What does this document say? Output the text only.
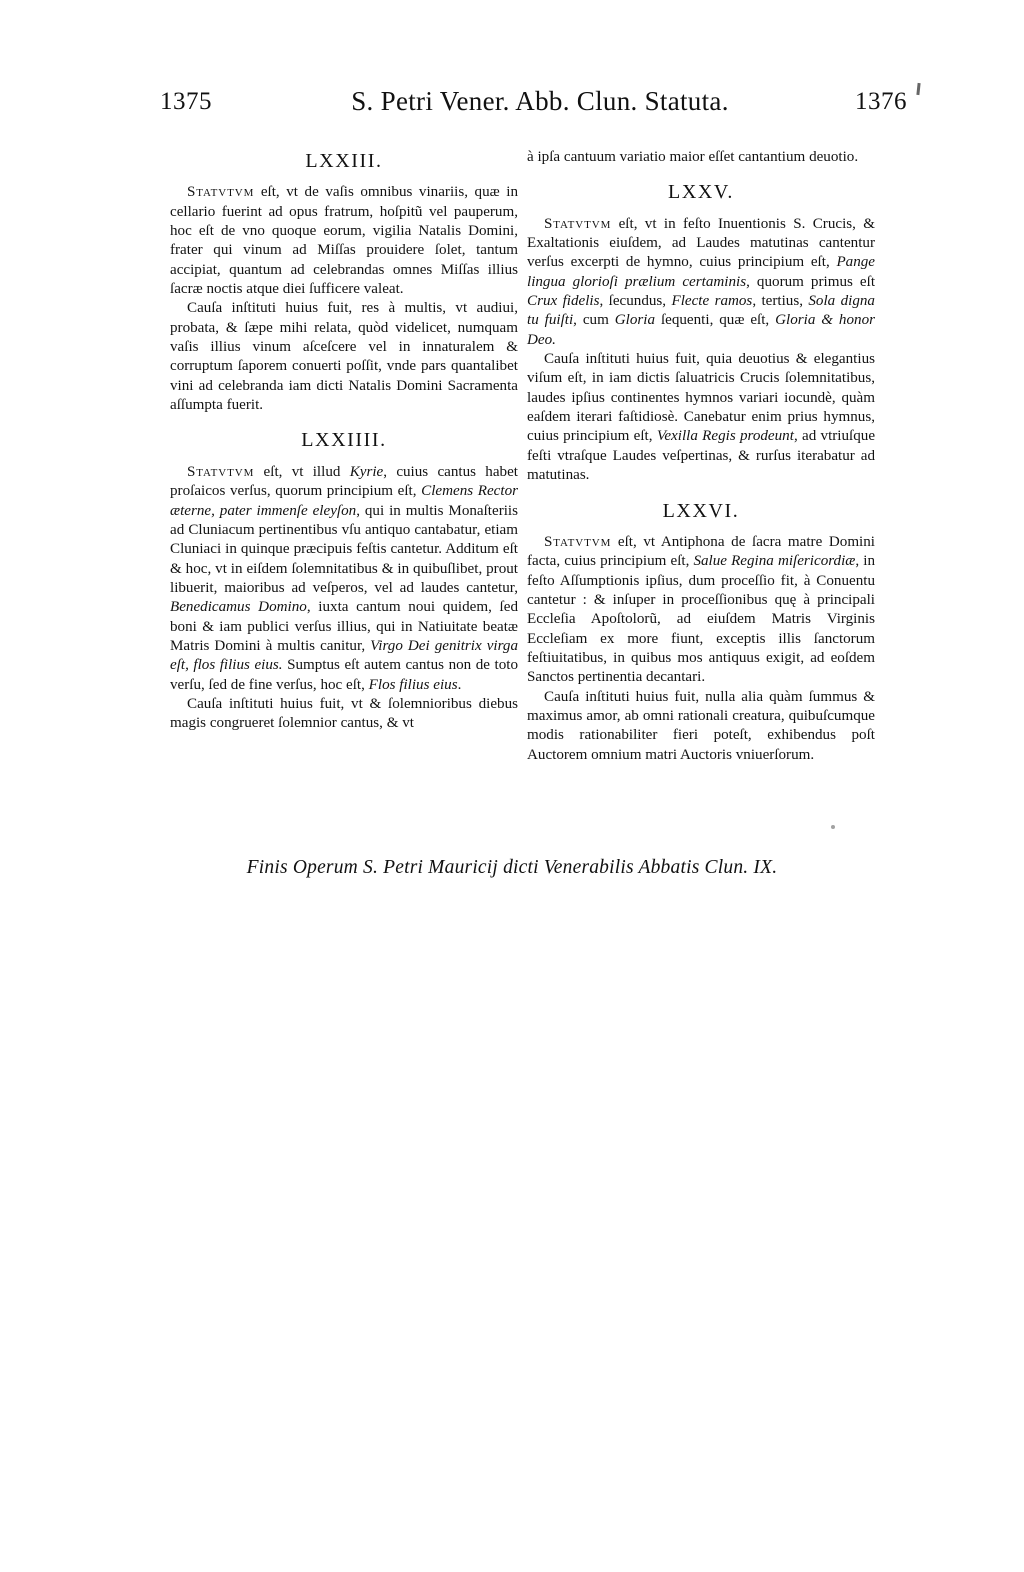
1375	S. Petri Vener. Abb. Clun. Statuta.	1376
LXXIII.

Statvtvm eſt, vt de vaſis omnibus vinariis, quæ in cellario fuerint ad opus fratrum, hoſpitũ vel pauperum, hoc eſt de vno quoque eorum, vigilia Natalis Domini, frater qui vinum ad Miſſas prouidere ſolet, tantum accipiat, quantum ad celebrandas omnes Miſſas illius ſacræ noctis atque diei ſufficere valeat.

Cauſa inſtituti huius fuit, res à multis, vt audiui, probata, & ſæpe mihi relata, quòd videlicet, numquam vaſis illius vinum aſceſcere vel in innaturalem & corruptum ſaporem conuerti poſſit, vnde pars quantalibet vini ad celebranda iam dicti Natalis Domini Sacramenta aſſumpta fuerit.

LXXIIII.

Statvtvm eſt, vt illud Kyrie, cuius cantus habet proſaicos verſus, quorum principium eſt, Clemens Rector æterne, pater immenſe eleyſon, qui in multis Monaſteriis ad Cluniacum pertinentibus vſu antiquo cantabatur, etiam Cluniaci in quinque præcipuis feſtis cantetur. Additum eſt & hoc, vt in eiſdem ſolemnitatibus & in quibuſlibet, prout libuerit, maioribus ad veſperos, vel ad laudes cantetur, Benedicamus Domino, iuxta cantum noui quidem, ſed boni & iam publici verſus illius, qui in Natiuitate beatæ Matris Domini à multis canitur, Virgo Dei genitrix virga eſt, flos filius eius. Sumptus eſt autem cantus non de toto verſu, ſed de fine verſus, hoc eſt, Flos filius eius.

Cauſa inſtituti huius fuit, vt & ſolemnioribus diebus magis congrueret ſolemnior cantus, & vt

à ipſa cantuum variatio maior eſſet cantantium deuotio.

LXXV.

Statvtvm eſt, vt in feſto Inuentionis S. Crucis, & Exaltationis eiuſdem, ad Laudes matutinas cantentur verſus excerpti de hymno, cuius principium eſt, Pange lingua glorioſi prælium certaminis, quorum primus eſt Crux fidelis, ſecundus, Flecte ramos, tertius, Sola digna tu fuiſti, cum Gloria ſequenti, quæ eſt, Gloria & honor Deo.

Cauſa inſtituti huius fuit, quia deuotius & elegantius viſum eſt, in iam dictis ſaluatricis Crucis ſolemnitatibus, laudes ipſius continentes hymnos variari iocundè, quàm eaſdem iterari faſtidiosè. Canebatur enim prius hymnus, cuius principium eſt, Vexilla Regis prodeunt, ad vtriuſque feſti vtraſque Laudes veſpertinas, & rurſus iterabatur ad matutinas.

LXXVI.

Statvtvm eſt, vt Antiphona de ſacra matre Domini facta, cuius principium eſt, Salue Regina miſericordiæ, in feſto Aſſumptionis ipſius, dum proceſſio fit, à Conuentu cantetur : & inſuper in proceſſionibus quę à principali Eccleſia Apoſtolorũ, ad eiuſdem Matris Virginis Eccleſiam ex more fiunt, exceptis illis ſanctorum feſtiuitatibus, in quibus mos antiquus exigit, ad eoſdem Sanctos pertinentia decantari.

Cauſa inſtituti huius fuit, nulla alia quàm ſummus & maximus amor, ab omni rationali creatura, quibuſcumque modis rationabiliter fieri poteſt, exhibendus poſt Auctorem omnium matri Auctoris vniuerſorum.

Finis Operum S. Petri Mauricij dicti Venerabilis Abbatis Clun. IX.
